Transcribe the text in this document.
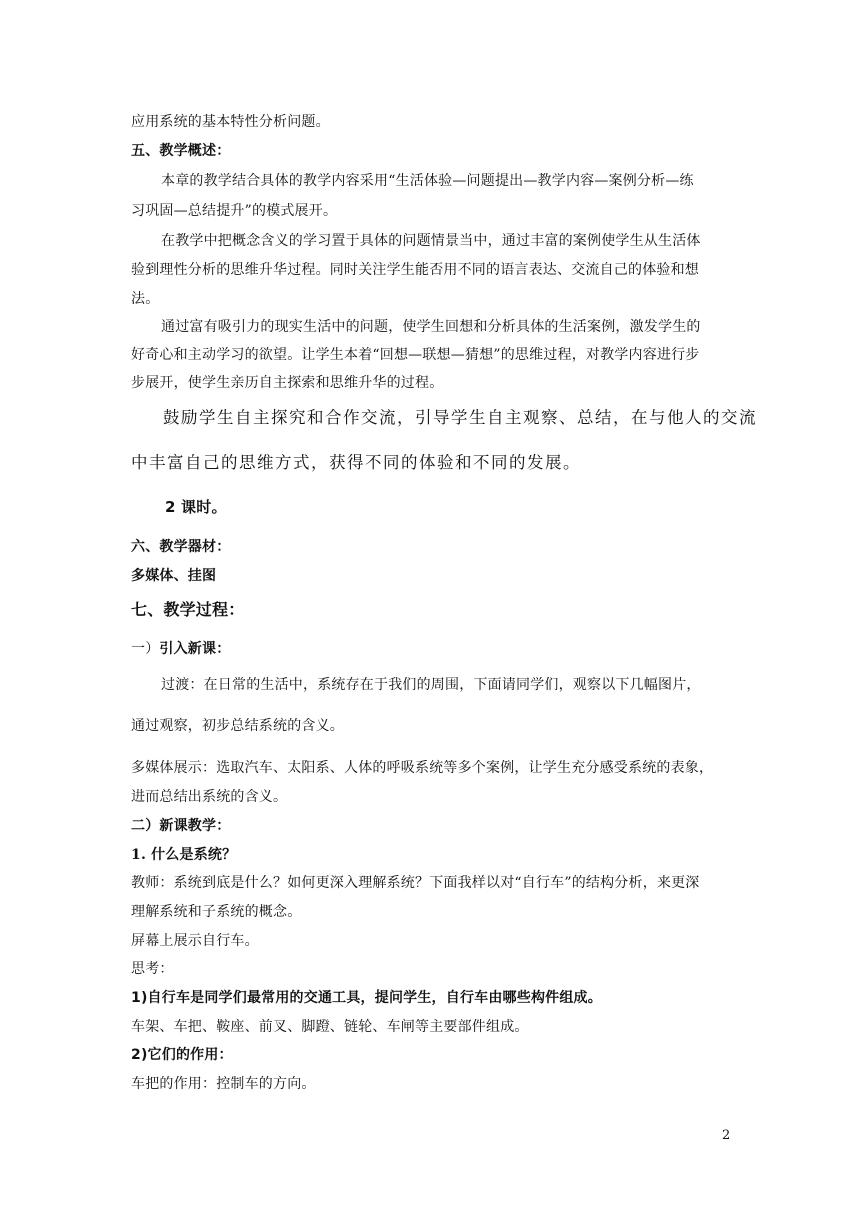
应用系统的基本特性分析问题。
五、教学概述：
本章的教学结合具体的教学内容采用“生活体验—问题提出—教学内容—案例分析—练
习巩固—总结提升”的模式展开。
在教学中把概念含义的学习置于具体的问题情景当中，通过丰富的案例使学生从生活体
验到理性分析的思维升华过程。同时关注学生能否用不同的语言表达、交流自己的体验和想
法。
通过富有吸引力的现实生活中的问题，使学生回想和分析具体的生活案例，激发学生的
好奇心和主动学习的欲望。让学生本着“回想—联想—猜想”的思维过程，对教学内容进行步
步展开，使学生亲历自主探索和思维升华的过程。
鼓励学生自主探究和合作交流，引导学生自主观察、总结，在与他人的交流
中丰富自己的思维方式，获得不同的体验和不同的发展。
2 课时。
六、教学器材：
多媒体、挂图
七、教学过程：
一）引入新课：
过渡：在日常的生活中，系统存在于我们的周围，下面请同学们，观察以下几幅图片，
通过观察，初步总结系统的含义。
多媒体展示：选取汽车、太阳系、人体的呼吸系统等多个案例，让学生充分感受系统的表象，
进而总结出系统的含义。
二）新课教学：
1. 什么是系统？
教师：系统到底是什么？如何更深入理解系统？下面我样以对“自行车”的结构分析，来更深
理解系统和子系统的概念。
屏幕上展示自行车。
思考：
1)自行车是同学们最常用的交通工具，提问学生，自行车由哪些构件组成。
车架、车把、鞍座、前叉、脚蹬、链轮、车闸等主要部件组成。
2)它们的作用：
车把的作用：控制车的方向。
2
